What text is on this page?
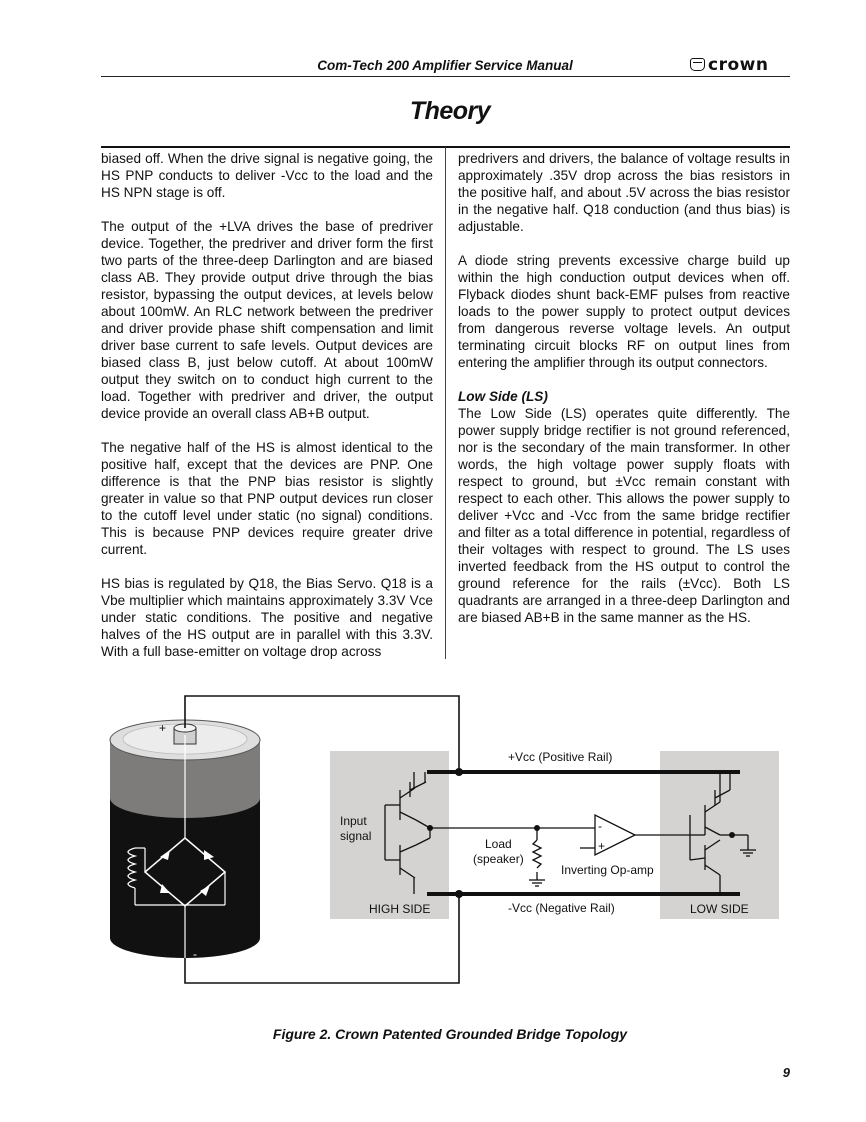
Com-Tech 200 Amplifier Service Manual	crown
Theory

biased off. When the drive signal is negative going, the HS PNP conducts to deliver -Vcc to the load and the HS NPN stage is off.

The output of the +LVA drives the base of predriver device. Together, the predriver and driver form the first two parts of the three-deep Darlington and are biased class AB. They provide output drive through the bias resistor, bypassing the output devices, at levels below about 100mW. An RLC network between the predriver and driver provide phase shift compensation and limit driver base current to safe levels. Output devices are biased class B, just below cutoff. At about 100mW output they switch on to conduct high current to the load. Together with predriver and driver, the output device provide an overall class AB+B output.

The negative half of the HS is almost identical to the positive half, except that the devices are PNP. One difference is that the PNP bias resistor is slightly greater in value so that PNP output devices run closer to the cutoff level under static (no signal) conditions. This is because PNP devices require greater drive current.

HS bias is regulated by Q18, the Bias Servo. Q18 is a Vbe multiplier which maintains approximately 3.3V Vce under static conditions. The positive and negative halves of the HS output are in parallel with this 3.3V. With a full base-emitter on voltage drop across

predrivers and drivers, the balance of voltage results in approximately .35V drop across the bias resistors in the positive half, and about .5V across the bias resistor in the negative half. Q18 conduction (and thus bias) is adjustable.

A diode string prevents excessive charge build up within the high conduction output devices when off. Flyback diodes shunt back-EMF pulses from reactive loads to the power supply to protect output devices from dangerous reverse voltage levels. An output terminating circuit blocks RF on output lines from entering the amplifier through its output connectors.

Low Side (LS)

The Low Side (LS) operates quite differently. The power supply bridge rectifier is not ground referenced, nor is the secondary of the main transformer. In other words, the high voltage power supply floats with respect to ground, but ±Vcc remain constant with respect to each other. This allows the power supply to deliver +Vcc and -Vcc from the same bridge rectifier and filter as a total difference in potential, regardless of their voltages with respect to ground. The LS uses inverted feedback from the HS output to control the ground reference for the rails (±Vcc). Both LS quadrants are arranged in a three-deep Darlington and are biased AB+B in the same manner as the HS.

+
-
-
+
+Vcc (Positive Rail)
-Vcc (Negative Rail)
Input
signal
Load
(speaker)
Inverting Op-amp
HIGH SIDE	LOW SIDE
Figure 2. Crown Patented Grounded Bridge Topology
9
